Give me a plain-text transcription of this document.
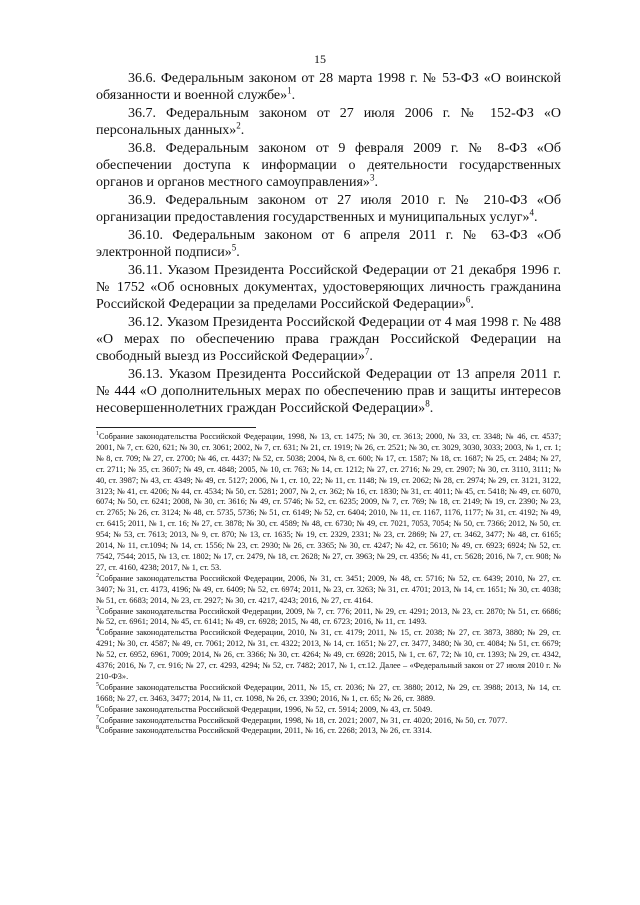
15

36.6. Федеральным законом от 28 марта 1998 г. № 53-ФЗ «О воинской обязанности и военной службе»$^1$.

36.7. Федеральным законом от 27 июля 2006 г. № 152-ФЗ «О персональных данных»$^2$.

36.8. Федеральным законом от 9 февраля 2009 г. № 8-ФЗ «Об обеспечении доступа к информации о деятельности государственных органов и органов местного самоуправления»$^3$.

36.9. Федеральным законом от 27 июля 2010 г. № 210-ФЗ «Об организации предоставления государственных и муниципальных услуг»$^4$.

36.10. Федеральным законом от 6 апреля 2011 г. № 63-ФЗ «Об электронной подписи»$^5$.

36.11. Указом Президента Российской Федерации от 21 декабря 1996 г. № 1752 «Об основных документах, удостоверяющих личность гражданина Российской Федерации за пределами Российской Федерации»$^6$.

36.12. Указом Президента Российской Федерации от 4 мая 1998 г. № 488 «О мерах по обеспечению права граждан Российской Федерации на свободный выезд из Российской Федерации»$^7$.

36.13. Указом Президента Российской Федерации от 13 апреля 2011 г. № 444 «О дополнительных мерах по обеспечению прав и защиты интересов несовершеннолетних граждан Российской Федерации»$^8$.

$^1$Собрание законодательства Российской Федерации, 1998, № 13, ст. 1475; № 30, ст. 3613; 2000, № 33, ст. 3348; № 46, ст. 4537; 2001, № 7, ст. 620, 621; № 30, ст. 3061; 2002, № 7, ст. 631; № 21, ст. 1919; № 26, ст. 2521; № 30, ст. 3029, 3030, 3033; 2003, № 1, ст. 1; № 8, ст. 709; № 27, ст. 2700; № 46, ст. 4437; № 52, ст. 5038; 2004, № 8, ст. 600; № 17, ст. 1587; № 18, ст. 1687; № 25, ст. 2484; № 27, ст. 2711; № 35, ст. 3607; № 49, ст. 4848; 2005, № 10, ст. 763; № 14, ст. 1212; № 27, ст. 2716; № 29, ст. 2907; № 30, ст. 3110, 3111; № 40, ст. 3987; № 43, ст. 4349; № 49, ст. 5127; 2006, № 1, ст. 10, 22; № 11, ст. 1148; № 19, ст. 2062; № 28, ст. 2974; № 29, ст. 3121, 3122, 3123; № 41, ст. 4206; № 44, ст. 4534; № 50, ст. 5281; 2007, № 2, ст. 362; № 16, ст. 1830; № 31, ст. 4011; № 45, ст. 5418; № 49, ст. 6070, 6074; № 50, ст. 6241; 2008, № 30, ст. 3616; № 49, ст. 5746; № 52, ст. 6235; 2009, № 7, ст. 769; № 18, ст. 2149; № 19, ст. 2390; № 23, ст. 2765; № 26, ст. 3124; № 48, ст. 5735, 5736; № 51, ст. 6149; № 52, ст. 6404; 2010, № 11, ст. 1167, 1176, 1177; № 31, ст. 4192; № 49, ст. 6415; 2011, № 1, ст. 16; № 27, ст. 3878; № 30, ст. 4589; № 48, ст. 6730; № 49, ст. 7021, 7053, 7054; № 50, ст. 7366; 2012, № 50, ст. 954; № 53, ст. 7613; 2013, № 9, ст. 870; № 13, ст. 1635; № 19, ст. 2329, 2331; № 23, ст. 2869; № 27, ст. 3462, 3477; № 48, ст. 6165; 2014, № 11, ст.1094; № 14, ст. 1556; № 23, ст. 2930; № 26, ст. 3365; № 30, ст. 4247; № 42, ст. 5610; № 49, ст. 6923; 6924; № 52, ст. 7542, 7544; 2015, № 13, ст. 1802; № 17, ст. 2479, № 18, ст. 2628; № 27, ст. 3963; № 29, ст. 4356; № 41, ст. 5628; 2016, № 7, ст. 908; № 27, ст. 4160, 4238; 2017, № 1, ст. 53.

$^2$Собрание законодательства Российской Федерации, 2006, № 31, ст. 3451; 2009, № 48, ст. 5716; № 52, ст. 6439; 2010, № 27, ст. 3407; № 31, ст. 4173, 4196; № 49, ст. 6409; № 52, ст. 6974; 2011, № 23, ст. 3263; № 31, ст. 4701; 2013, № 14, ст. 1651; № 30, ст. 4038; № 51, ст. 6683; 2014, № 23, ст. 2927; № 30, ст. 4217, 4243; 2016, № 27, ст. 4164.

$^3$Собрание законодательства Российской Федерации, 2009, № 7, ст. 776; 2011, № 29, ст. 4291; 2013, № 23, ст. 2870; № 51, ст. 6686; № 52, ст. 6961; 2014, № 45, ст. 6141; № 49, ст. 6928; 2015, № 48, ст. 6723; 2016, № 11, ст. 1493.

$^4$Собрание законодательства Российской Федерации, 2010, № 31, ст. 4179; 2011, № 15, ст. 2038; № 27, ст. 3873, 3880; № 29, ст. 4291; № 30, ст. 4587; № 49, ст. 7061; 2012, № 31, ст. 4322; 2013, № 14, ст. 1651; № 27, ст. 3477, 3480; № 30, ст. 4084; № 51, ст. 6679; № 52, ст. 6952, 6961, 7009; 2014, № 26, ст. 3366; № 30, ст. 4264; № 49, ст. 6928; 2015, № 1, ст. 67, 72; № 10, ст. 1393; № 29, ст. 4342, 4376; 2016, № 7, ст. 916; № 27, ст. 4293, 4294; № 52, ст. 7482; 2017, № 1, ст.12. Далее – «Федеральный закон от 27 июля 2010 г. № 210-ФЗ».

$^5$Собрание законодательства Российской Федерации, 2011, № 15, ст. 2036; № 27, ст. 3880; 2012, № 29, ст. 3988; 2013, № 14, ст. 1668; № 27, ст. 3463, 3477; 2014, № 11, ст. 1098, № 26, ст. 3390; 2016, № 1, ст. 65; № 26, ст. 3889.

$^6$Собрание законодательства Российской Федерации, 1996, № 52, ст. 5914; 2009, № 43, ст. 5049.

$^7$Собрание законодательства Российской Федерации, 1998, № 18, ст. 2021; 2007, № 31, ст. 4020; 2016, № 50, ст. 7077.

$^8$Собрание законодательства Российской Федерации, 2011, № 16, ст. 2268; 2013, № 26, ст. 3314.
